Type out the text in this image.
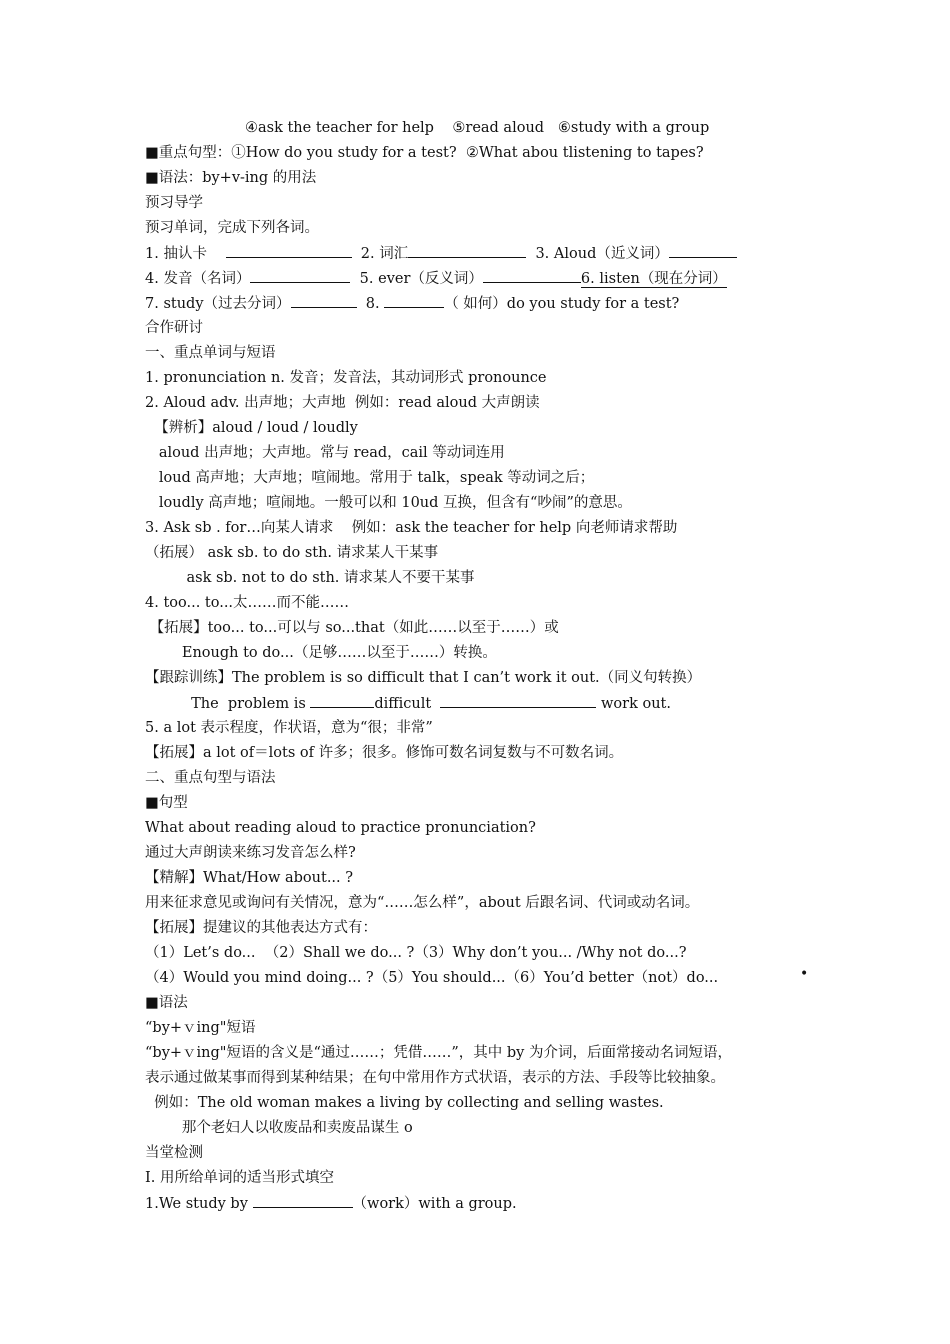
④ask the teacher for help    ⑤read aloud   ⑥study with a group
■重点句型：①How do you study for a test?  ②What abou tlistening to tapes?
■语法：by+v-ing 的用法
预习导学
预习单词，完成下列各词。
1. 抽认卡	2. 词汇	3. Aloud（近义词）
4. 发音（名词）	5. ever（反义词）	6. listen（现在分词）
7. study（过去分词）	8.	（ 如何）do you study for a test?
合作研讨
一、重点单词与短语
1. pronunciation n. 发音；发音法，其动词形式 pronounce
2. Aloud adv. 出声地；大声地  例如：read aloud 大声朗读
【辨析】aloud / loud / loudly
aloud 出声地；大声地。常与 read，cail 等动词连用
loud 高声地；大声地；喧闹地。常用于 talk，speak 等动词之后；
loudly 高声地；喧闹地。一般可以和 10ud 互换，但含有“吵闹”的意思。
3. Ask sb . for…向某人请求    例如：ask the teacher for help 向老师请求帮助
（拓展） ask sb. to do sth. 请求某人干某事
ask sb. not to do sth. 请求某人不要干某事
4. too... to...太……而不能……
【拓展】too... to...可以与 so...that（如此……以至于……）或
Enough to do...（足够……以至于……）转换。
【跟踪训练】The problem is so difficult that I can’t work it out.（同义句转换）
The  problem is	difficult	work out.
5. a lot 表示程度，作状语，意为“很；非常”
【拓展】a lot of＝lots of 许多；很多。修饰可数名词复数与不可数名词。
二、重点句型与语法
■句型
What about reading aloud to practice pronunciation?
通过大声朗读来练习发音怎么样?
【精解】What/How about... ?
用来征求意见或询问有关情况，意为“……怎么样”，about 后跟名词、代词或动名词。
【拓展】提建议的其他表达方式有：
（1）Let’s do...  （2）Shall we do... ?（3）Why don’t you... /Why not do...?
（4）Would you mind doing... ?（5）You should...（6）You’d better（not）do...	•
■语法
“by+ｖing"短语
“by+ｖing"短语的含义是“通过……；凭借……”，其中 by 为介词，后面常接动名词短语，
表示通过做某事而得到某种结果；在句中常用作方式状语，表示的方法、手段等比较抽象。
例如：The old woman makes a living by collecting and selling wastes.
那个老妇人以收废品和卖废品谋生 o
当堂检测
Ⅰ. 用所给单词的适当形式填空
1.We study by	（work）with a group.
